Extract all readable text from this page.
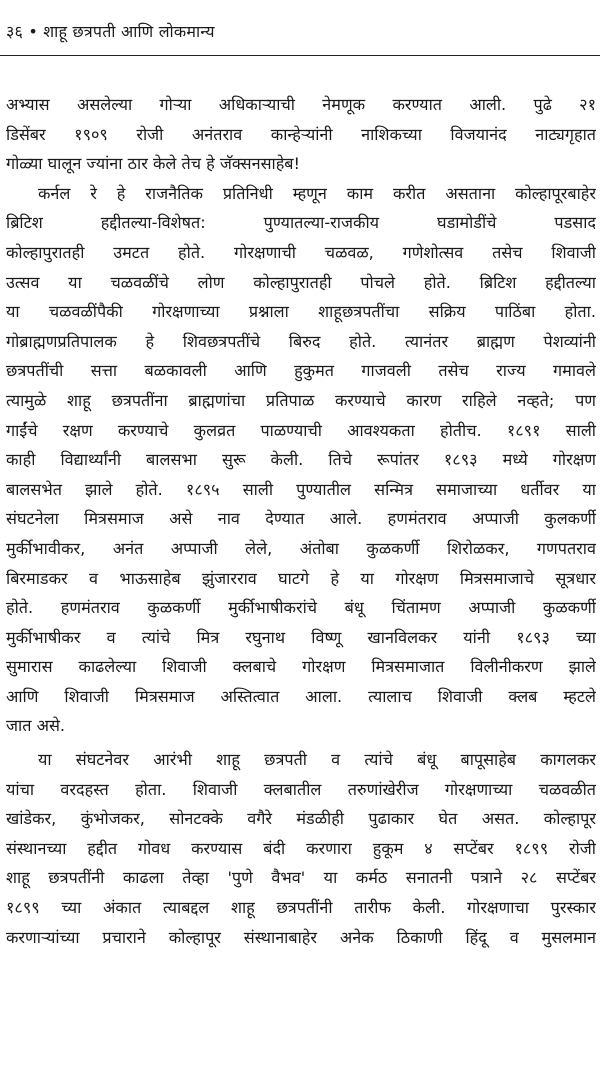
३६ • शाहू छत्रपती आणि लोकमान्य
अभ्यास असलेल्या गोऱ्या अधिकाऱ्याची नेमणूक करण्यात आली. पुढे २१
डिसेंबर १९०९ रोजी अनंतराव कान्हेऱ्यांनी नाशिकच्या विजयानंद नाट्यगृहात
गोळ्या घालून ज्यांना ठार केले तेच हे जॅक्सनसाहेब!
कर्नल रे हे राजनैतिक प्रतिनिधी म्हणून काम करीत असताना कोल्हापूरबाहेर
ब्रिटिश हद्दीतल्या-विशेषत: पुण्यातल्या-राजकीय घडामोडींचे पडसाद
कोल्हापुरातही उमटत होते. गोरक्षणाची चळवळ, गणेशोत्सव तसेच शिवाजी
उत्सव या चळवळींचे लोण कोल्हापुरातही पोचले होते. ब्रिटिश हद्दीतल्या
या चळवळींपैकी गोरक्षणाच्या प्रश्नाला शाहूछत्रपतींचा सक्रिय पाठिंबा होता.
गोब्राह्मणप्रतिपालक हे शिवछत्रपतींचे बिरुद होते. त्यानंतर ब्राह्मण पेशव्यांनी
छत्रपतींची सत्ता बळकावली आणि हुकुमत गाजवली तसेच राज्य गमावले
त्यामुळे शाहू छत्रपतींना ब्राह्मणांचा प्रतिपाळ करण्याचे कारण राहिले नव्हते; पण
गाईंचे रक्षण करण्याचे कुलव्रत पाळण्याची आवश्यकता होतीच. १८९१ साली
काही विद्यार्थ्यांनी बालसभा सुरू केली. तिचे रूपांतर १८९३ मध्ये गोरक्षण
बालसभेत झाले होते. १८९५ साली पुण्यातील सन्मित्र समाजाच्या धर्तीवर या
संघटनेला मित्रसमाज असे नाव देण्यात आले. हणमंतराव अप्पाजी कुलकर्णी
मुर्कीभावीकर, अनंत अप्पाजी लेले, अंतोबा कुळकर्णी शिरोळकर, गणपतराव
बिरमाडकर व भाऊसाहेब झुंजारराव घाटगे हे या गोरक्षण मित्रसमाजाचे सूत्रधार
होते. हणमंतराव कुळकर्णी मुर्कीभाषीकरांचे बंधू चिंतामण अप्पाजी कुळकर्णी
मुर्कीभाषीकर व त्यांचे मित्र रघुनाथ विष्णू खानविलकर यांनी १८९३ च्या
सुमारास काढलेल्या शिवाजी क्लबाचे गोरक्षण मित्रसमाजात विलीनीकरण झाले
आणि शिवाजी मित्रसमाज अस्तित्वात आला. त्यालाच शिवाजी क्लब म्हटले
जात असे.
या संघटनेवर आरंभी शाहू छत्रपती व त्यांचे बंधू बापूसाहेब कागलकर
यांचा वरदहस्त होता. शिवाजी क्लबातील तरुणांखेरीज गोरक्षणाच्या चळवळीत
खांडेकर, कुंभोजकर, सोनटक्के वगैरे मंडळीही पुढाकार घेत असत. कोल्हापूर
संस्थानच्या हद्दीत गोवध करण्यास बंदी करणारा हुकूम ४ सप्टेंबर १८९९ रोजी
शाहू छत्रपतींनी काढला तेव्हा 'पुणे वैभव' या कर्मठ सनातनी पत्राने २८ सप्टेंबर
१८९९ च्या अंकात त्याबद्दल शाहू छत्रपतींनी तारीफ केली. गोरक्षणाचा पुरस्कार
करणाऱ्यांच्या प्रचाराने कोल्हापूर संस्थानाबाहेर अनेक ठिकाणी हिंदू व मुसलमान
